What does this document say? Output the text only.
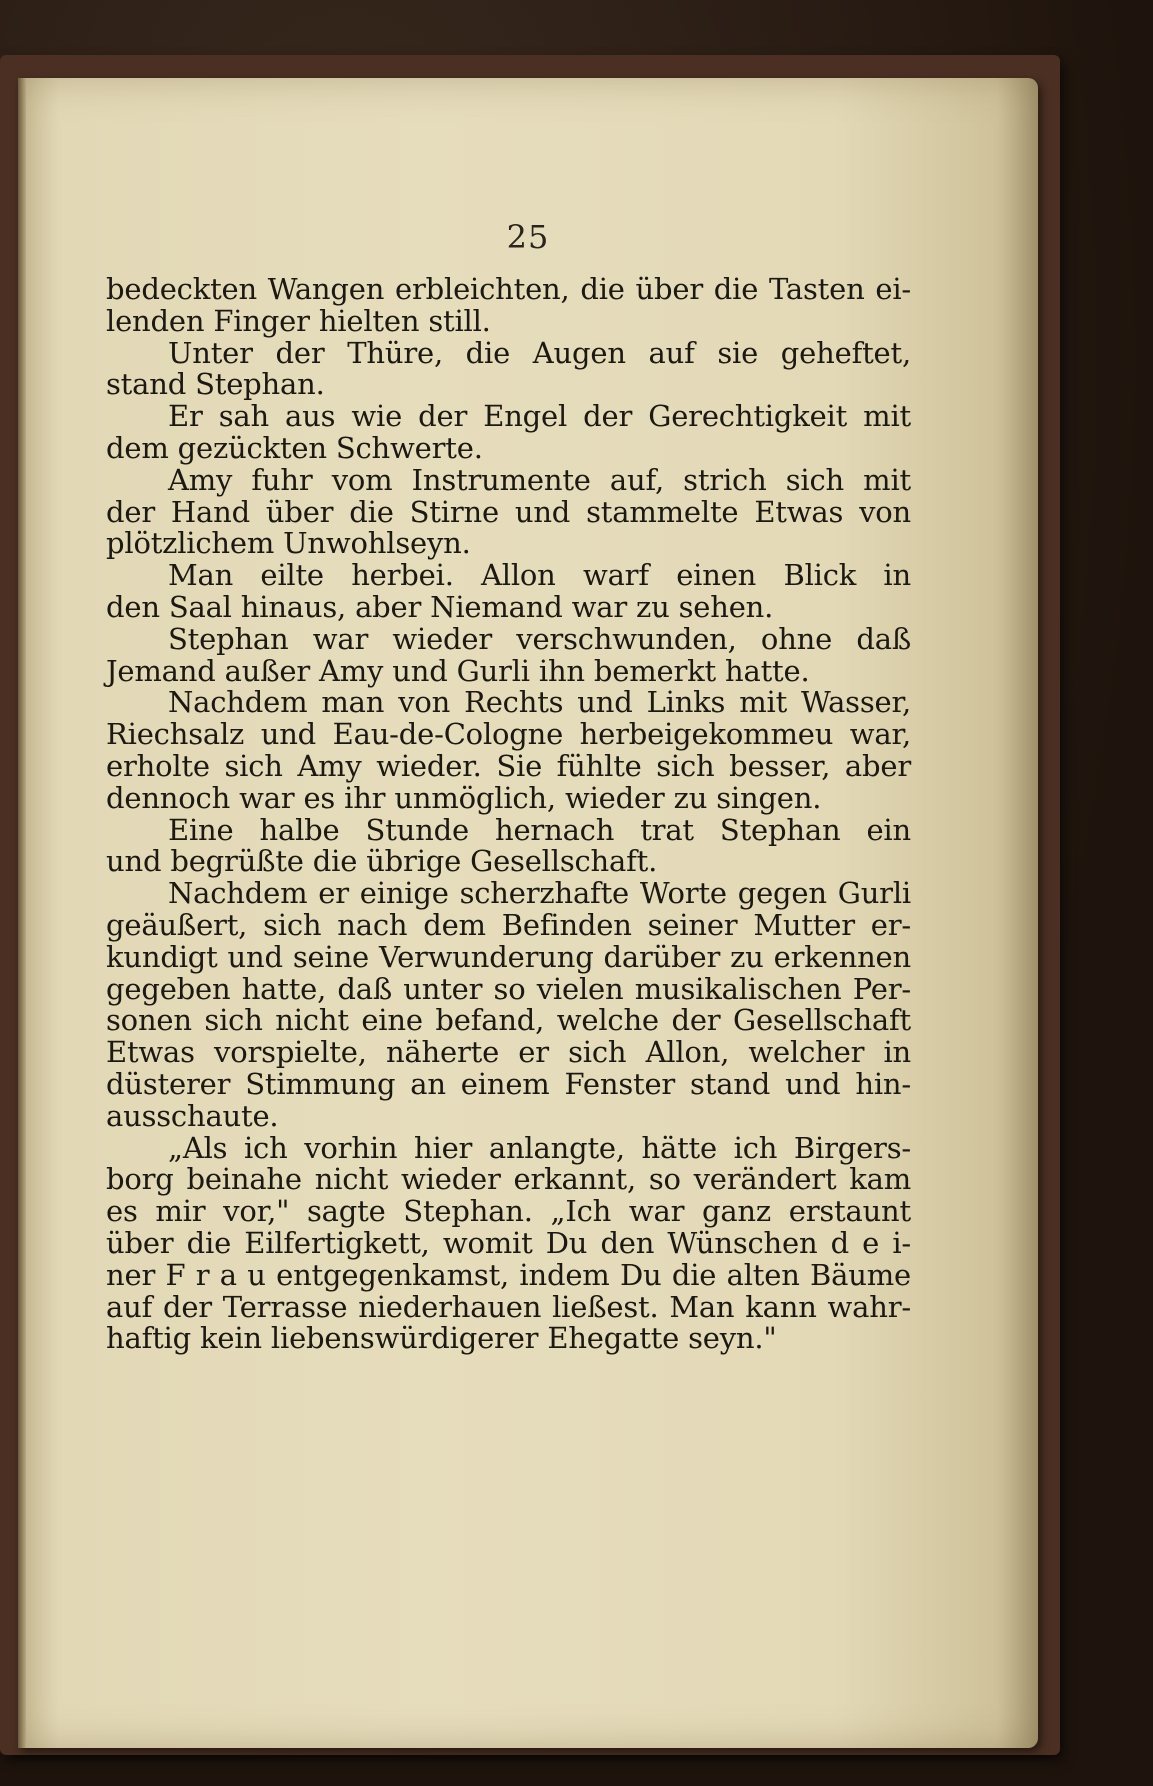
25
bedeckten Wangen erbleichten, die über die Tasten ei-
lenden Finger hielten still.
Unter der Thüre, die Augen auf sie geheftet,
stand Stephan.
Er sah aus wie der Engel der Gerechtigkeit mit
dem gezückten Schwerte.
Amy fuhr vom Instrumente auf, strich sich mit
der Hand über die Stirne und stammelte Etwas von
plötzlichem Unwohlseyn.
Man eilte herbei. Allon warf einen Blick in
den Saal hinaus, aber Niemand war zu sehen.
Stephan war wieder verschwunden, ohne daß
Jemand außer Amy und Gurli ihn bemerkt hatte.
Nachdem man von Rechts und Links mit Wasser,
Riechsalz und Eau-de-Cologne herbeigekommeu war,
erholte sich Amy wieder. Sie fühlte sich besser, aber
dennoch war es ihr unmöglich, wieder zu singen.
Eine halbe Stunde hernach trat Stephan ein
und begrüßte die übrige Gesellschaft.
Nachdem er einige scherzhafte Worte gegen Gurli
geäußert, sich nach dem Befinden seiner Mutter er-
kundigt und seine Verwunderung darüber zu erkennen
gegeben hatte, daß unter so vielen musikalischen Per-
sonen sich nicht eine befand, welche der Gesellschaft
Etwas vorspielte, näherte er sich Allon, welcher in
düsterer Stimmung an einem Fenster stand und hin-
ausschaute.
„Als ich vorhin hier anlangte, hätte ich Birgers-
borg beinahe nicht wieder erkannt, so verändert kam
es mir vor," sagte Stephan. „Ich war ganz erstaunt
über die Eilfertigkett, womit Du den Wünschen d e i-
ner F r a u entgegenkamst, indem Du die alten Bäume
auf der Terrasse niederhauen ließest. Man kann wahr-
haftig kein liebenswürdigerer Ehegatte seyn."
